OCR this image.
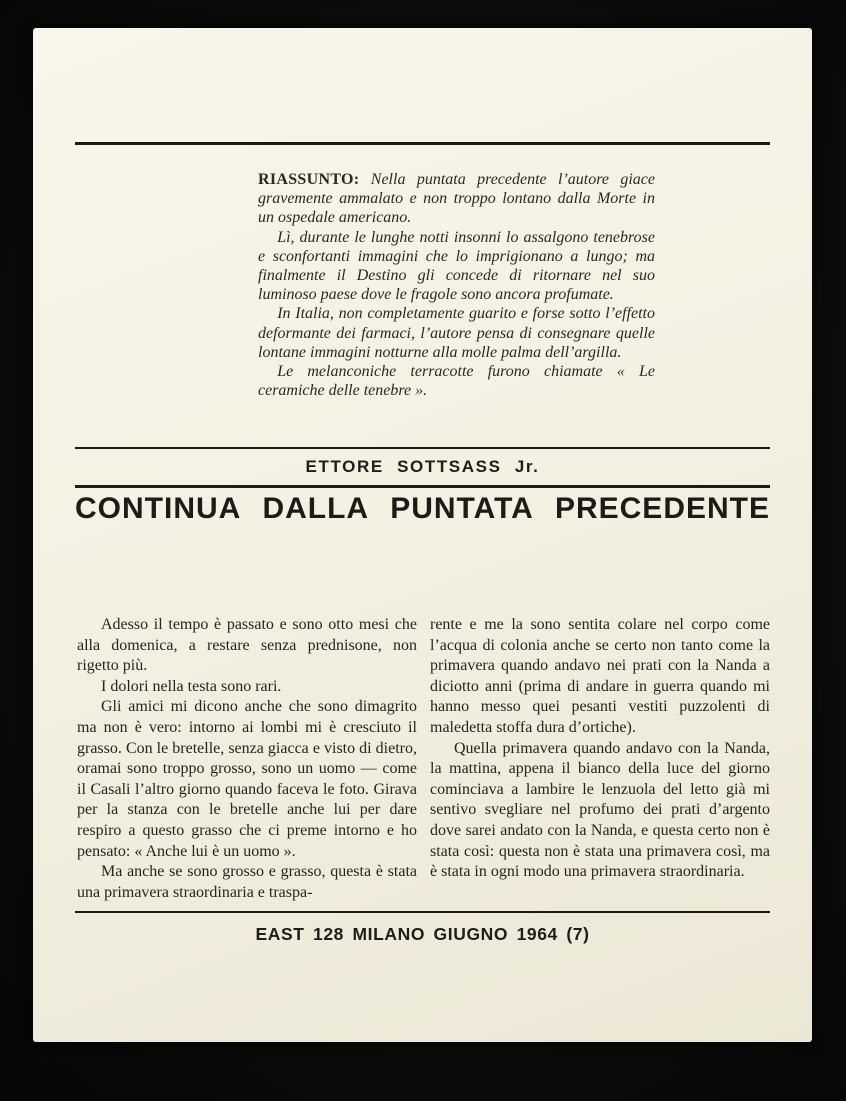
RIASSUNTO: Nella puntata precedente l’autore giace gravemente ammalato e non troppo lontano dalla Morte in un ospedale americano.

Lì, durante le lunghe notti insonni lo assalgono tenebrose e sconfortanti immagini che lo imprigionano a lungo; ma finalmente il Destino gli concede di ritornare nel suo luminoso paese dove le fragole sono ancora profumate.

In Italia, non completamente guarito e forse sotto l’effetto deformante dei farmaci, l’autore pensa di consegnare quelle lontane immagini notturne alla molle palma dell’argilla.

Le melanconiche terracotte furono chiamate « Le ceramiche delle tenebre ».

ETTORE SOTTSASS Jr.
CONTINUA DALLA PUNTATA PRECEDENTE

Adesso il tempo è passato e sono otto mesi che alla domenica, a restare senza prednisone, non rigetto più.

I dolori nella testa sono rari.

Gli amici mi dicono anche che sono dimagrito ma non è vero: intorno ai lombi mi è cresciuto il grasso. Con le bretelle, senza giacca e visto di dietro, oramai sono troppo grosso, sono un uomo — come il Casali l’altro giorno quando faceva le foto. Girava per la stanza con le bretelle anche lui per dare respiro a questo grasso che ci preme intorno e ho pensato: « Anche lui è un uomo ».

Ma anche se sono grosso e grasso, questa è stata una primavera straordinaria e traspa-

rente e me la sono sentita colare nel corpo come l’acqua di colonia anche se certo non tanto come la primavera quando andavo nei prati con la Nanda a diciotto anni (prima di andare in guerra quando mi hanno messo quei pesanti vestiti puzzolenti di maledetta stoffa dura d’ortiche).

Quella primavera quando andavo con la Nanda, la mattina, appena il bianco della luce del giorno cominciava a lambire le lenzuola del letto già mi sentivo svegliare nel profumo dei prati d’argento dove sarei andato con la Nanda, e questa certo non è stata così: questa non è stata una primavera così, ma è stata in ogni modo una primavera straordinaria.

EAST 128 MILANO GIUGNO 1964 (7)
